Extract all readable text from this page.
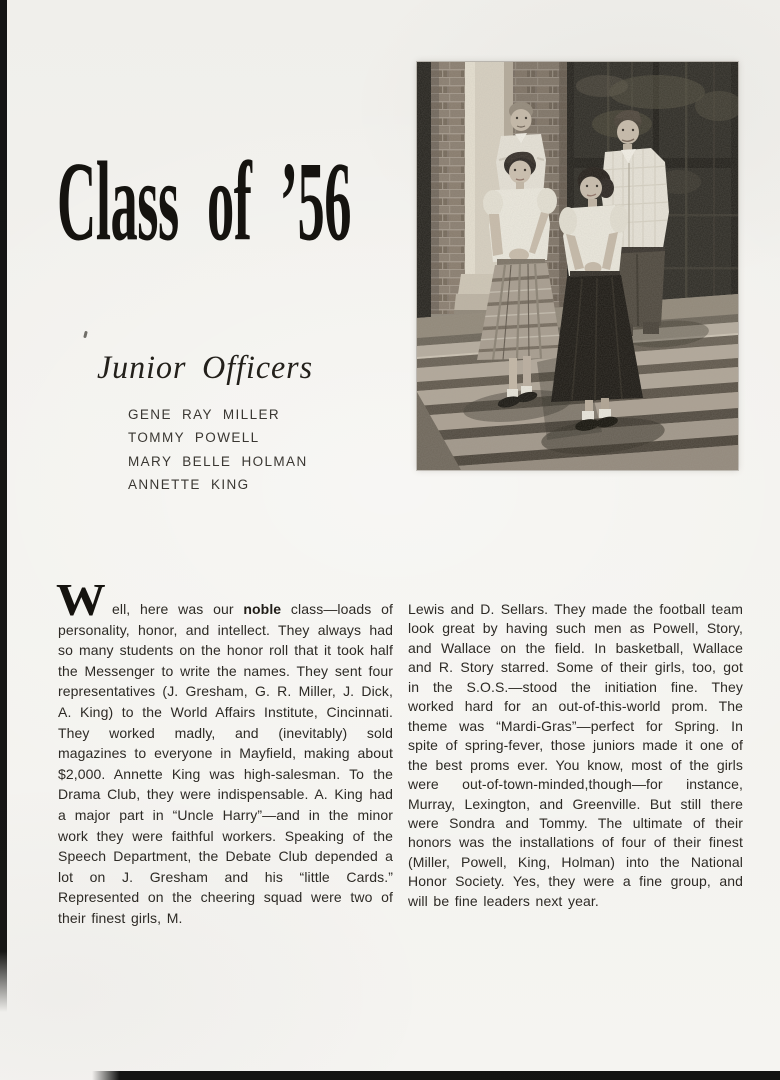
Class of ’56
Junior Officers
GENE RAY MILLER
TOMMY POWELL
MARY BELLE HOLMAN
ANNETTE KING
W ell, here was our noble class—loads of personality, honor, and intellect. They always had so many students on the honor roll that it took half the Messenger to write the names. They sent four representatives (J. Gresham, G. R. Miller, J. Dick, A. King) to the World Affairs Institute, Cincinnati. They worked madly, and (inevitably) sold magazines to everyone in Mayfield, making about $2,000. Annette King was high-salesman. To the Drama Club, they were indispensable. A. King had a major part in “Uncle Harry”—and in the minor work they were faithful workers. Speaking of the Speech Department, the Debate Club depended a lot on J. Gresham and his “little Cards.” Represented on the cheering squad were two of their finest girls, M.
Lewis and D. Sellars. They made the football team look great by having such men as Powell, Story, and Wallace on the field. In basketball, Wallace and R. Story starred. Some of their girls, too, got in the S.O.S.—stood the initiation fine. They worked hard for an out-of-this-world prom. The theme was “Mardi-Gras”—perfect for Spring. In spite of spring-fever, those juniors made it one of the best proms ever. You know, most of the girls were out-of-town-minded,though—for instance, Murray, Lexington, and Greenville. But still there were Sondra and Tommy. The ultimate of their honors was the installations of four of their finest (Miller, Powell, King, Holman) into the National Honor Society. Yes, they were a fine group, and will be fine leaders next year.
